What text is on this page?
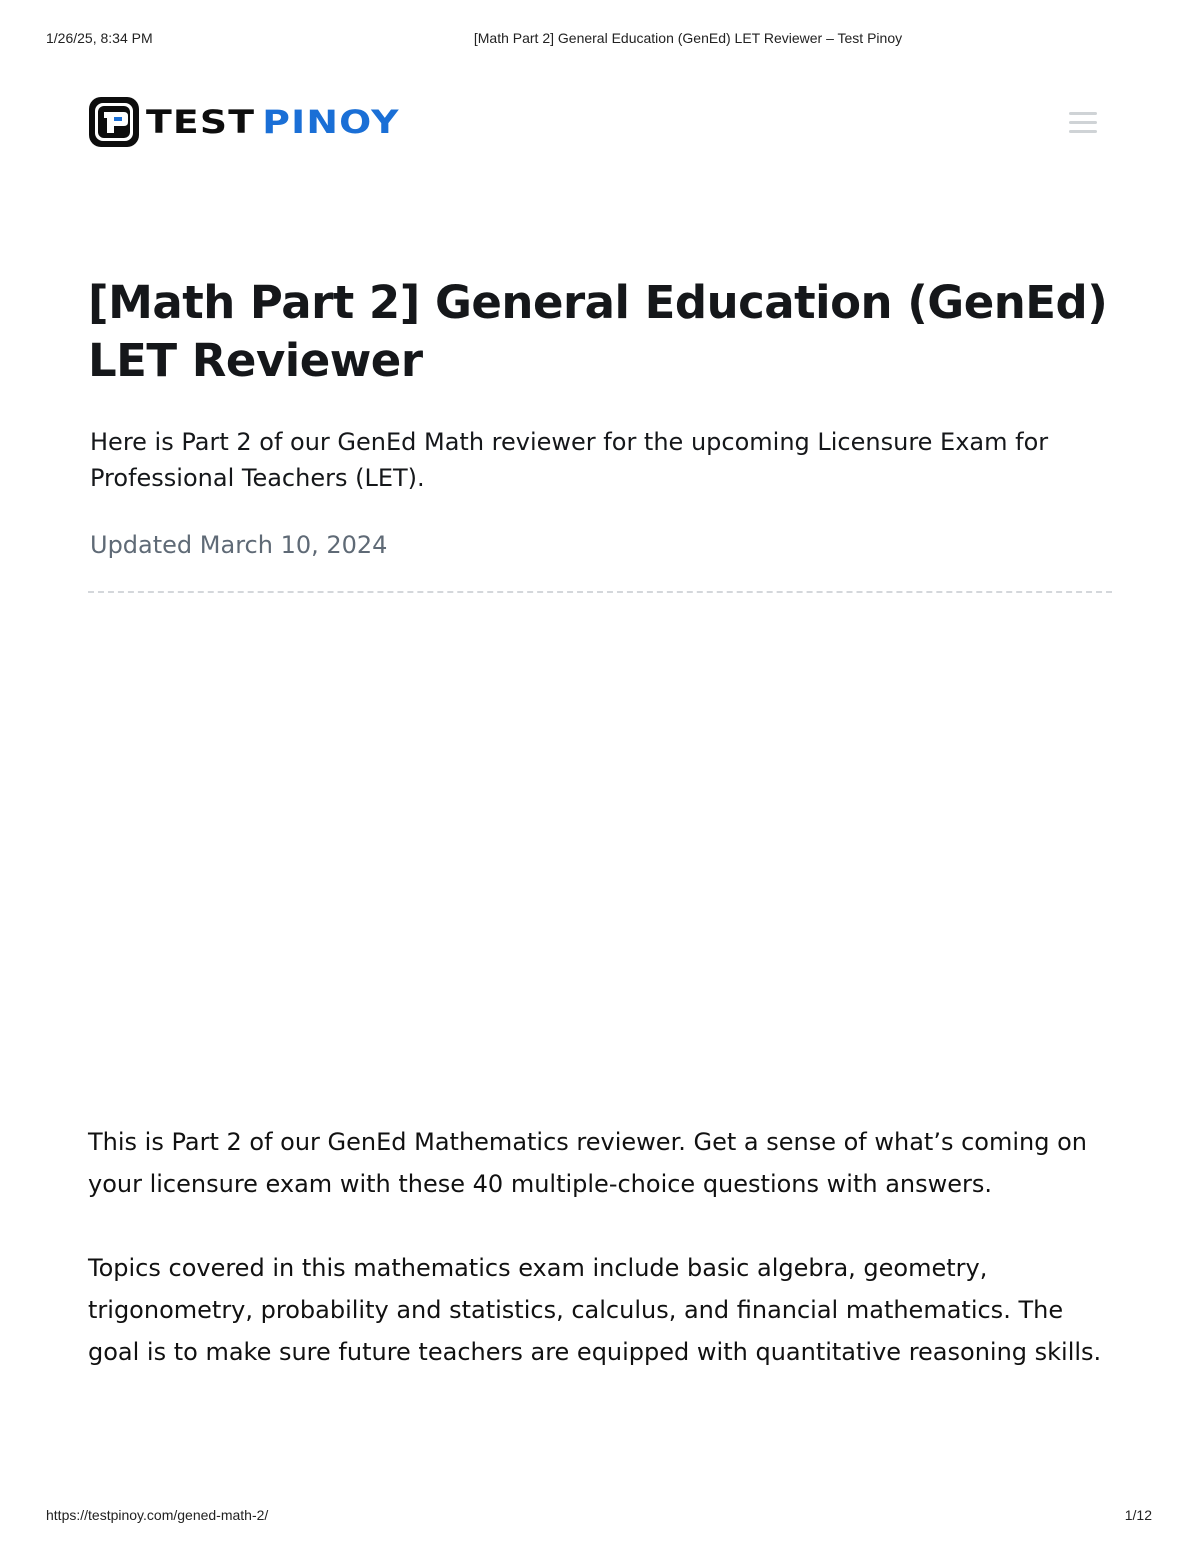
1/26/25, 8:34 PM	[Math Part 2] General Education (GenEd) LET Reviewer – Test Pinoy
TEST PINOY
[Math Part 2] General Education (GenEd) LET Reviewer

Here is Part 2 of our GenEd Math reviewer for the upcoming Licensure Exam for Professional Teachers (LET).

Updated March 10, 2024

This is Part 2 of our GenEd Mathematics reviewer. Get a sense of what’s coming on your licensure exam with these 40 multiple-choice questions with answers.

Topics covered in this mathematics exam include basic algebra, geometry, trigonometry, probability and statistics, calculus, and financial mathematics. The goal is to make sure future teachers are equipped with quantitative reasoning skills.

https://testpinoy.com/gened-math-2/	1/12
